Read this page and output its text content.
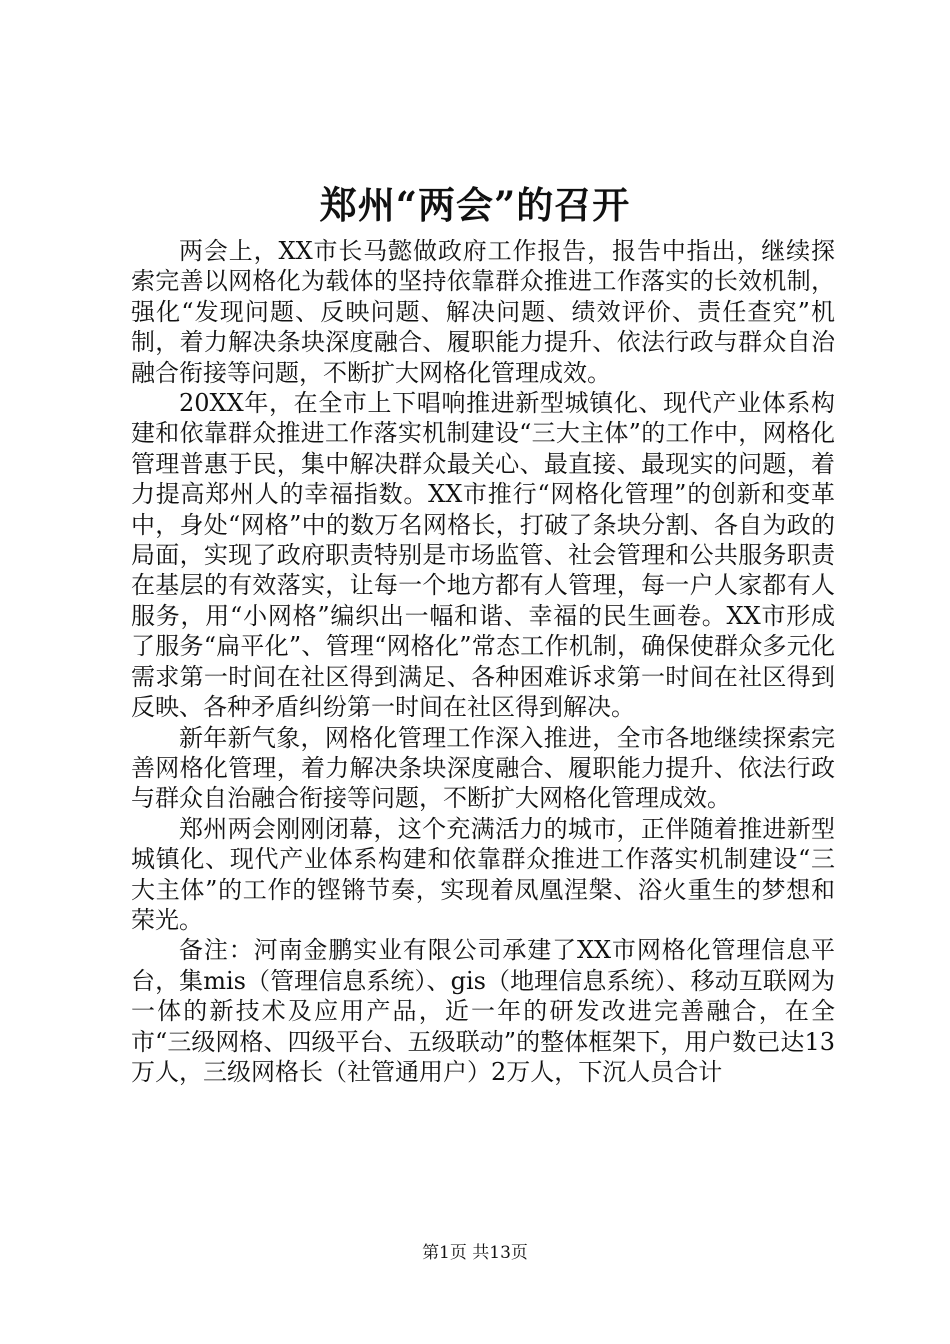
郑州“两会”的召开

两会上，XX市长马懿做政府工作报告，报告中指出，继续探索完善以网格化为载体的坚持依靠群众推进工作落实的长效机制，强化“发现问题、反映问题、解决问题、绩效评价、责任查究”机制，着力解决条块深度融合、履职能力提升、依法行政与群众自治融合衔接等问题，不断扩大网格化管理成效。

20XX年，在全市上下唱响推进新型城镇化、现代产业体系构建和依靠群众推进工作落实机制建设“三大主体”的工作中，网格化管理普惠于民，集中解决群众最关心、最直接、最现实的问题，着力提高郑州人的幸福指数。XX市推行“网格化管理”的创新和变革中，身处“网格”中的数万名网格长，打破了条块分割、各自为政的局面，实现了政府职责特别是市场监管、社会管理和公共服务职责在基层的有效落实，让每一个地方都有人管理，每一户人家都有人服务，用“小网格”编织出一幅和谐、幸福的民生画卷。XX市形成了服务“扁平化”、管理“网格化”常态工作机制，确保使群众多元化需求第一时间在社区得到满足、各种困难诉求第一时间在社区得到反映、各种矛盾纠纷第一时间在社区得到解决。

新年新气象，网格化管理工作深入推进，全市各地继续探索完善网格化管理，着力解决条块深度融合、履职能力提升、依法行政与群众自治融合衔接等问题，不断扩大网格化管理成效。

郑州两会刚刚闭幕，这个充满活力的城市，正伴随着推进新型城镇化、现代产业体系构建和依靠群众推进工作落实机制建设“三大主体”的工作的铿锵节奏，实现着凤凰涅槃、浴火重生的梦想和荣光。

备注：河南金鹏实业有限公司承建了XX市网格化管理信息平台，集mis（管理信息系统）、gis（地理信息系统）、移动互联网为一体的新技术及应用产品，近一年的研发改进完善融合，在全市“三级网格、四级平台、五级联动”的整体框架下，用户数已达13万人，三级网格长（社管通用户）2万人，下沉人员合计

第1页 共13页
